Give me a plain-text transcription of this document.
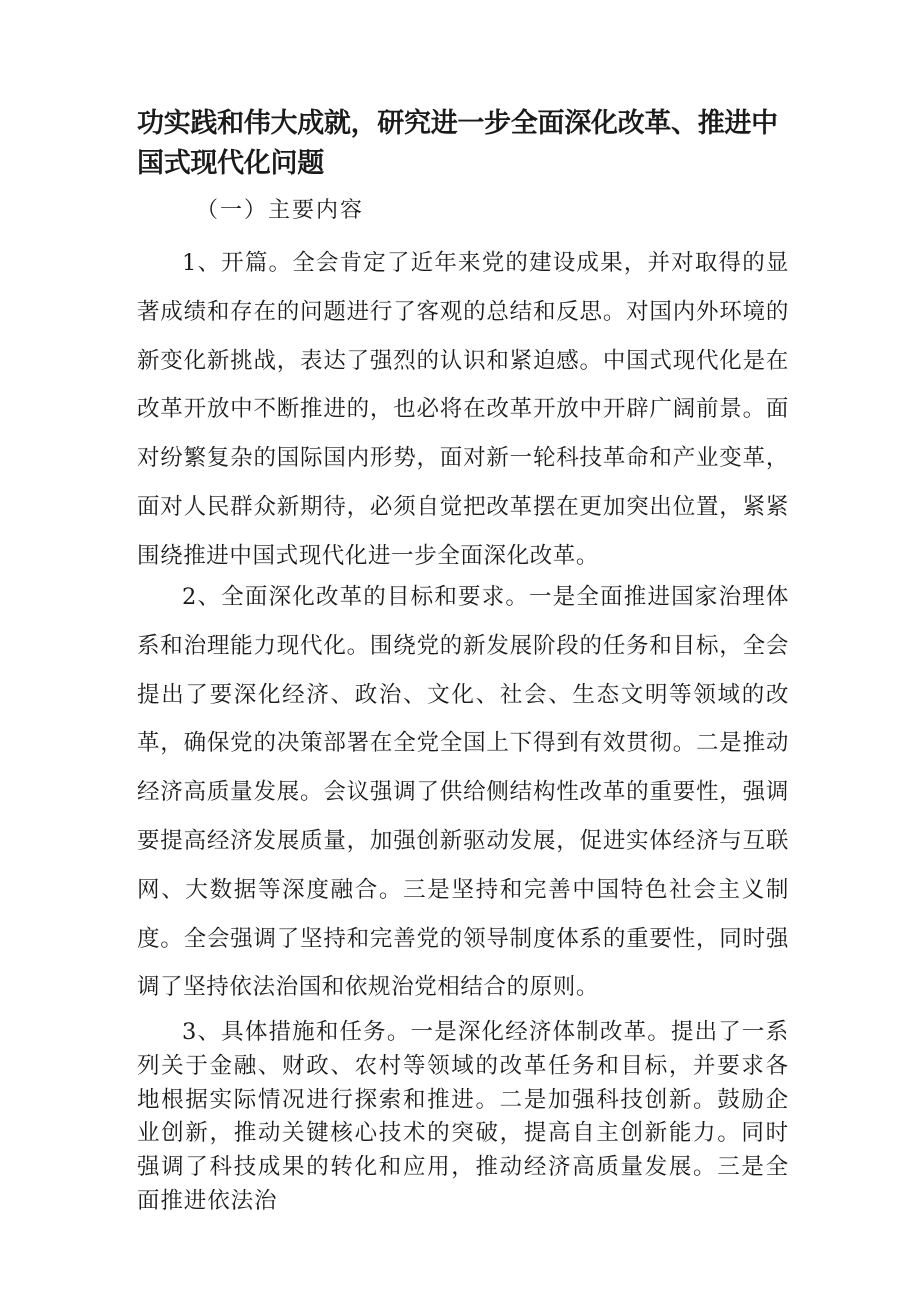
功实践和伟大成就，研究进一步全面深化改革、推进中国式现代化问题

（一）主要内容

1、开篇。全会肯定了近年来党的建设成果，并对取得的显著成绩和存在的问题进行了客观的总结和反思。对国内外环境的新变化新挑战，表达了强烈的认识和紧迫感。中国式现代化是在改革开放中不断推进的，也必将在改革开放中开辟广阔前景。面对纷繁复杂的国际国内形势，面对新一轮科技革命和产业变革，面对人民群众新期待，必须自觉把改革摆在更加突出位置，紧紧围绕推进中国式现代化进一步全面深化改革。

2、全面深化改革的目标和要求。一是全面推进国家治理体系和治理能力现代化。围绕党的新发展阶段的任务和目标，全会提出了要深化经济、政治、文化、社会、生态文明等领域的改革，确保党的决策部署在全党全国上下得到有效贯彻。二是推动经济高质量发展。会议强调了供给侧结构性改革的重要性，强调要提高经济发展质量，加强创新驱动发展，促进实体经济与互联网、大数据等深度融合。三是坚持和完善中国特色社会主义制度。全会强调了坚持和完善党的领导制度体系的重要性，同时强调了坚持依法治国和依规治党相结合的原则。

3、具体措施和任务。一是深化经济体制改革。提出了一系列关于金融、财政、农村等领域的改革任务和目标，并要求各地根据实际情况进行探索和推进。二是加强科技创新。鼓励企业创新，推动关键核心技术的突破，提高自主创新能力。同时强调了科技成果的转化和应用，推动经济高质量发展。三是全面推进依法治
